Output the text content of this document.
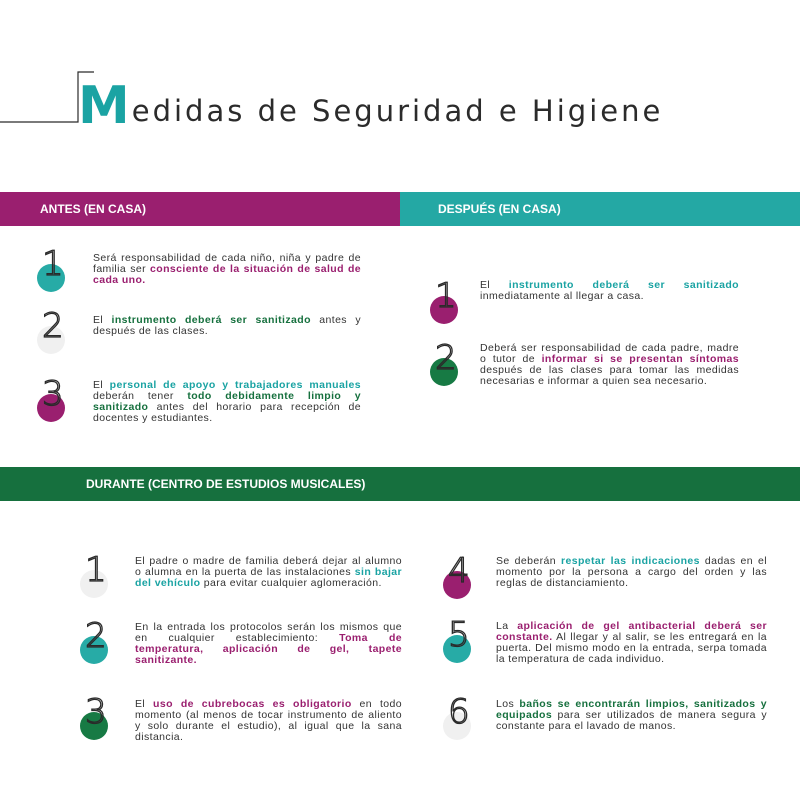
M edidas de Seguridad e Higiene
ANTES (EN CASA)	DESPUÉS (EN CASA)
DURANTE (CENTRO DE ESTUDIOS MUSICALES)
1	Será responsabilidad de cada niño, niña y padre de familia ser consciente de la situación de salud de cada uno.

2	El instrumento deberá ser sanitizado antes y después de las clases.

3	El personal de apoyo y trabajadores manuales deberán tener todo debidamente limpio y sanitizado antes del horario para recepción de docentes y estudiantes.

1 El instrumento deberá ser sanitizado inmediatamente al llegar a casa.

2 Deberá ser responsabilidad de cada padre, madre o tutor de informar si se presentan síntomas después de las clases para tomar las medidas necesarias e informar a quien sea necesario.

1	El padre o madre de familia deberá dejar al alumno o alumna en la puerta de las instalaciones sin bajar del vehículo para evitar cualquier aglomeración.

2	En la entrada los protocolos serán los mismos que en cualquier establecimiento: Toma de temperatura, aplicación de gel, tapete sanitizante.

3	El uso de cubrebocas es obligatorio en todo momento (al menos de tocar instrumento de aliento y solo durante el estudio), al igual que la sana distancia.

4	Se deberán respetar las indicaciones dadas en el momento por la persona a cargo del orden y las reglas de distanciamiento.

5	La aplicación de gel antibacterial deberá ser constante. Al llegar y al salir, se les entregará en la puerta. Del mismo modo en la entrada, serpa tomada la temperatura de cada individuo.

6	Los baños se encontrarán limpios, sanitizados y equipados para ser utilizados de manera segura y constante para el lavado de manos.
